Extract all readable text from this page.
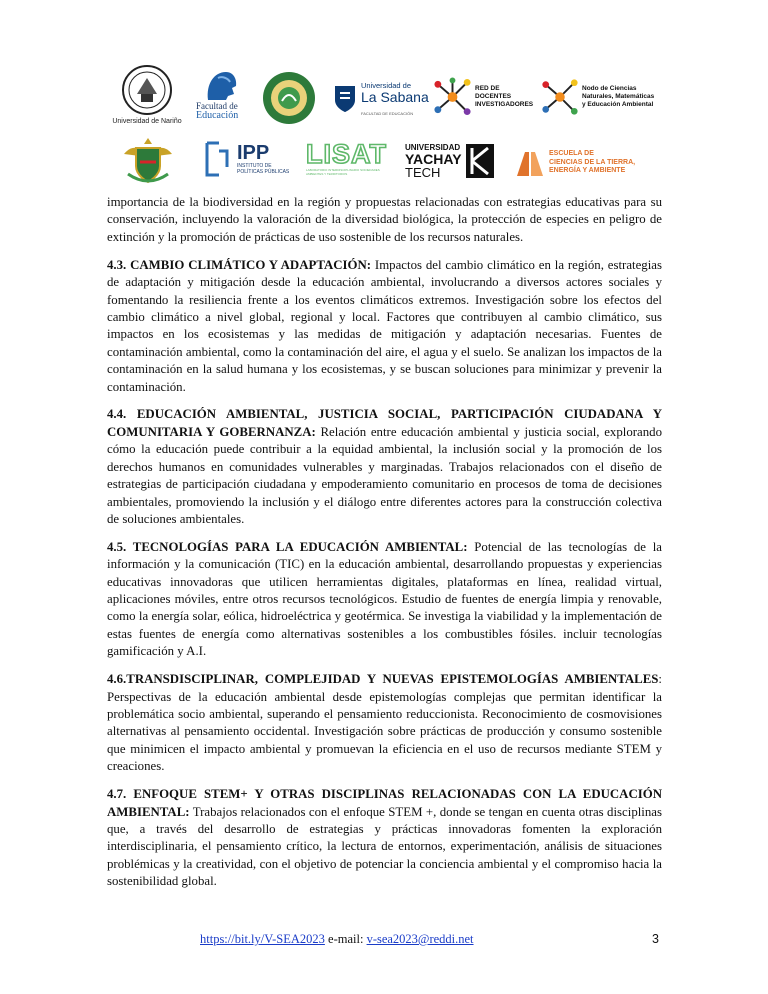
Universidad de Nariño
Facultad de
Educación
Universidad de
La Sabana
FACULTAD DE EDUCACIÓN
RED DE DOCENTES
INVESTIGADORES
Nodo de Ciencias
Naturales, Matemáticas
y Educación Ambiental
IPP
INSTITUTO DE
POLÍTICAS PÚBLICAS
LISAT
LABORATORIO INTERDISCIPLINARIO SOCIEDADES AMBIENTES Y TERRITORIOS
UNIVERSIDAD
YACHAY
TECH
ESCUELA DE
CIENCIAS DE LA TIERRA,
ENERGÍA Y AMBIENTE

importancia de la biodiversidad en la región y propuestas relacionadas con estrategias educativas para su conservación, incluyendo la valoración de la diversidad biológica, la protección de especies en peligro de extinción y la promoción de prácticas de uso sostenible de los recursos naturales.

4.3. CAMBIO CLIMÁTICO Y ADAPTACIÓN: Impactos del cambio climático en la región, estrategias de adaptación y mitigación desde la educación ambiental, involucrando a diversos actores sociales y fomentando la resiliencia frente a los eventos climáticos extremos. Investigación sobre los efectos del cambio climático a nivel global, regional y local. Factores que contribuyen al cambio climático, sus impactos en los ecosistemas y las medidas de mitigación y adaptación necesarias. Fuentes de contaminación ambiental, como la contaminación del aire, el agua y el suelo. Se analizan los impactos de la contaminación en la salud humana y los ecosistemas, y se buscan soluciones para minimizar y prevenir la contaminación.

4.4. EDUCACIÓN AMBIENTAL, JUSTICIA SOCIAL, PARTICIPACIÓN CIUDADANA Y COMUNITARIA Y GOBERNANZA: Relación entre educación ambiental y justicia social, explorando cómo la educación puede contribuir a la equidad ambiental, la inclusión social y la promoción de los derechos humanos en comunidades vulnerables y marginadas. Trabajos relacionados con el diseño de estrategias de participación ciudadana y empoderamiento comunitario en procesos de toma de decisiones ambientales, promoviendo la inclusión y el diálogo entre diferentes actores para la construcción colectiva de soluciones ambientales.

4.5. TECNOLOGÍAS PARA LA EDUCACIÓN AMBIENTAL: Potencial de las tecnologías de la información y la comunicación (TIC) en la educación ambiental, desarrollando propuestas y experiencias educativas innovadoras que utilicen herramientas digitales, plataformas en línea, realidad virtual, aplicaciones móviles, entre otros recursos tecnológicos. Estudio de fuentes de energía limpia y renovable, como la energía solar, eólica, hidroeléctrica y geotérmica. Se investiga la viabilidad y la implementación de estas fuentes de energía como alternativas sostenibles a los combustibles fósiles. incluir tecnologías gamificación y A.I.

4.6.TRANSDISCIPLINAR, COMPLEJIDAD Y NUEVAS EPISTEMOLOGÍAS AMBIENTALES: Perspectivas de la educación ambiental desde epistemologías complejas que permitan identificar la problemática socio ambiental, superando el pensamiento reduccionista. Reconocimiento de cosmovisiones alternativas al pensamiento occidental. Investigación sobre prácticas de producción y consumo sostenible que minimicen el impacto ambiental y promuevan la eficiencia en el uso de recursos mediante STEM y creaciones.

4.7. ENFOQUE STEM+ Y OTRAS DISCIPLINAS RELACIONADAS CON LA EDUCACIÓN AMBIENTAL: Trabajos relacionados con el enfoque STEM +, donde se tengan en cuenta otras disciplinas que, a través del desarrollo de estrategias y prácticas innovadoras fomenten la exploración interdisciplinaria, el pensamiento crítico, la lectura de entornos, experimentación, análisis de situaciones problémicas y la creatividad, con el objetivo de potenciar la conciencia ambiental y el compromiso hacia la sostenibilidad global.

https://bit.ly/V-SEA2023 e-mail: v-sea2023@reddi.net	3
